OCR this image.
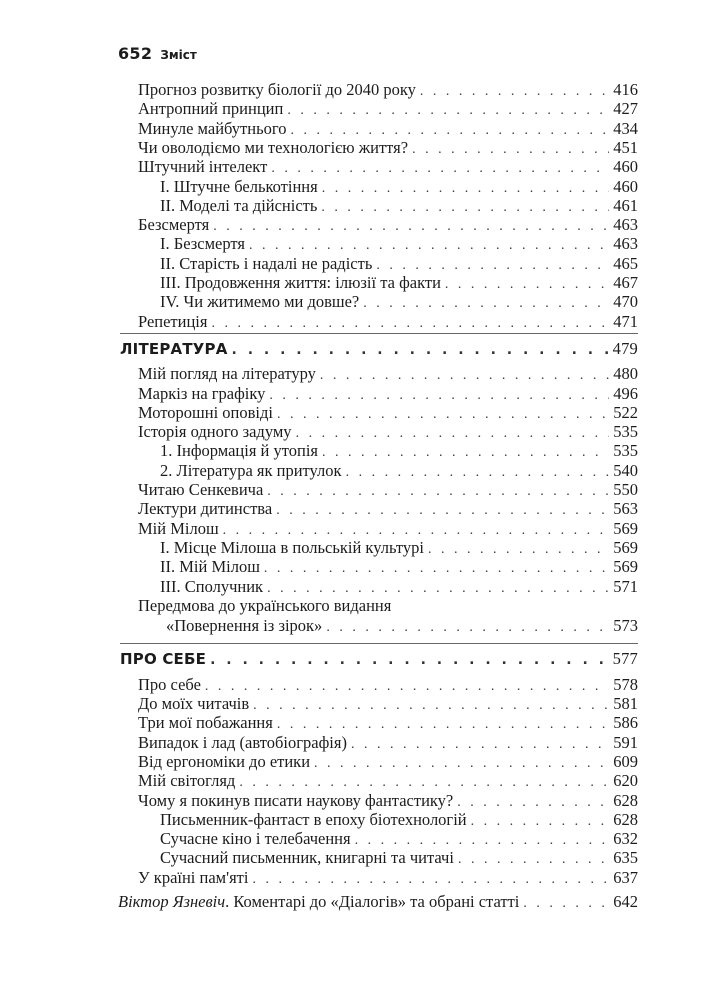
652 Зміст
Прогноз розвитку біології до 2040 року . . .	416
Антропний принцип . . .	427
Минуле майбутнього . . .	434
Чи оволодіємо ми технологією життя? . . .	451
Штучний інтелект . . .	460
I. Штучне белькотіння . . .	460
II. Моделі та дійсність . . .	461
Безсмертя . . .	463
I. Безсмертя . . .	463
II. Старість і надалі не радість . . .	465
III. Продовження життя: ілюзії та факти . . .	467
IV. Чи житимемо ми довше? . . .	470
Репетиція . . .	471
ЛІТЕРАТУРА . . .	479
Мій погляд на літературу . . .	480
Маркіз на графіку . . .	496
Моторошні оповіді . . .	522
Історія одного задуму . . .	535
1. Інформація й утопія . . .	535
2. Література як притулок . . .	540
Читаю Сенкевича . . .	550
Лектури дитинства . . .	563
Мій Мілош . . .	569
I. Місце Мілоша в польській культурі . . .	569
II. Мій Мілош . . .	569
III. Сполучник . . .	571
Передмова до українського видання
«Повернення із зірок» . . .	573
ПРО СЕБЕ . . .	577
Про себе . . .	578
До моїх читачів . . .	581
Три мої побажання . . .	586
Випадок і лад (автобіографія) . . .	591
Від ергономіки до етики . . .	609
Мій світогляд . . .	620
Чому я покинув писати наукову фантастику? . . .	628
Письменник-фантаст в епоху біотехнологій . . .	628
Сучасне кіно і телебачення . . .	632
Сучасний письменник, книгарні та читачі . . .	635
У країні пам'яті . . .	637
Віктор Язневіч. Коментарі до «Діалогів» та обрані статті . . .	642
